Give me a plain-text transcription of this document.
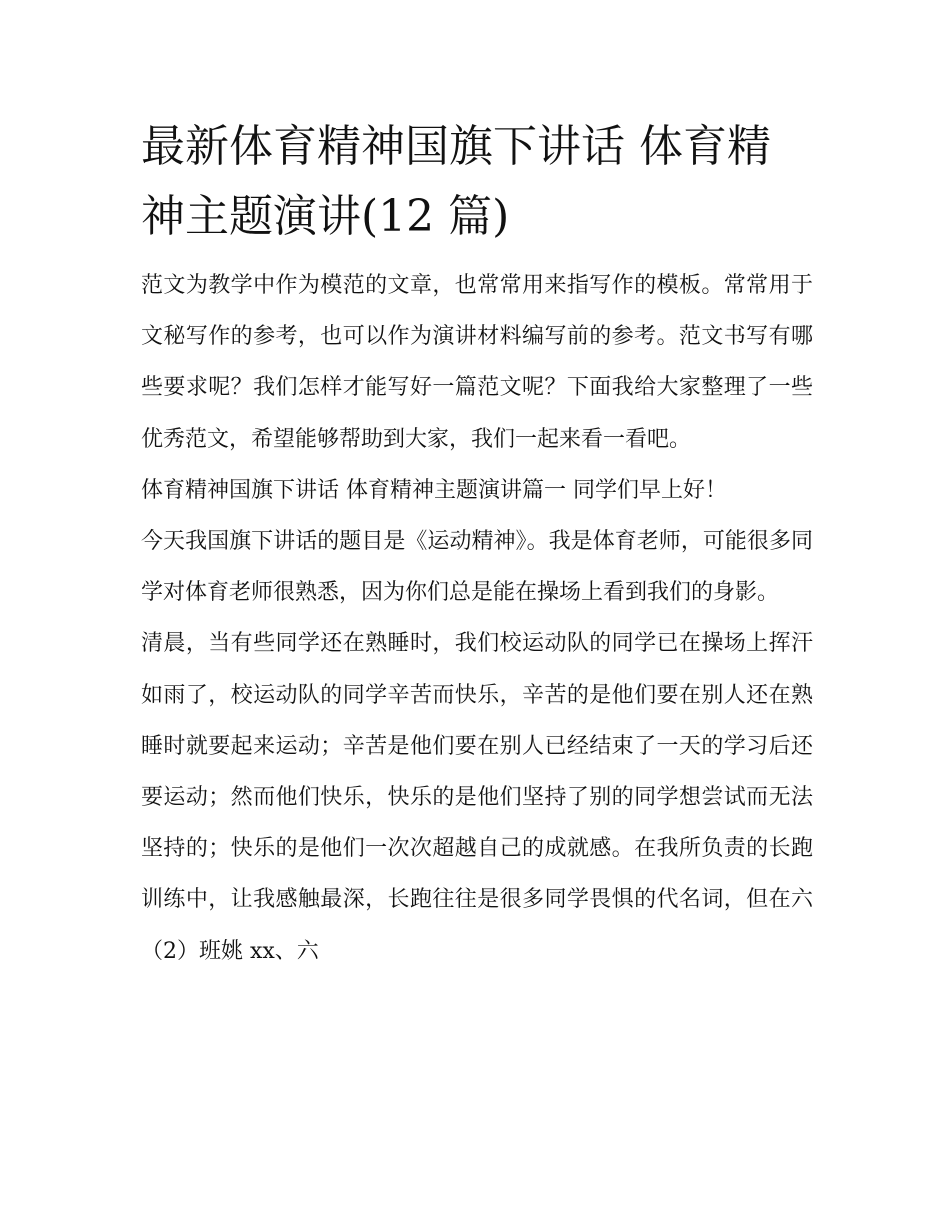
最新体育精神国旗下讲话 体育精神主题演讲(12 篇)

范文为教学中作为模范的文章，也常常用来指写作的模板。常常用于文秘写作的参考，也可以作为演讲材料编写前的参考。范文书写有哪些要求呢？我们怎样才能写好一篇范文呢？下面我给大家整理了一些优秀范文，希望能够帮助到大家，我们一起来看一看吧。

体育精神国旗下讲话 体育精神主题演讲篇一 同学们早上好！

今天我国旗下讲话的题目是《运动精神》。我是体育老师，可能很多同学对体育老师很熟悉，因为你们总是能在操场上看到我们的身影。

清晨，当有些同学还在熟睡时，我们校运动队的同学已在操场上挥汗如雨了，校运动队的同学辛苦而快乐，辛苦的是他们要在别人还在熟睡时就要起来运动；辛苦是他们要在别人已经结束了一天的学习后还要运动；然而他们快乐，快乐的是他们坚持了别的同学想尝试而无法坚持的；快乐的是他们一次次超越自己的成就感。在我所负责的长跑训练中，让我感触最深，长跑往往是很多同学畏惧的代名词，但在六（2）班姚 xx、六
